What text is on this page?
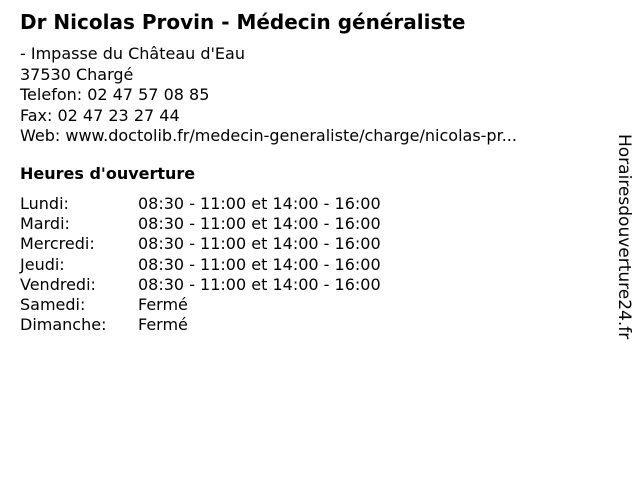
Dr Nicolas Provin - Médecin généraliste
- Impasse du Château d'Eau
37530 Chargé
Telefon: 02 47 57 08 85
Fax: 02 47 23 27 44
Web: www.doctolib.fr/medecin-generaliste/charge/nicolas-pr...
Heures d'ouverture
Lundi:	08:30 - 11:00 et 14:00 - 16:00
Mardi:	08:30 - 11:00 et 14:00 - 16:00
Mercredi:	08:30 - 11:00 et 14:00 - 16:00
Jeudi:	08:30 - 11:00 et 14:00 - 16:00
Vendredi:	08:30 - 11:00 et 14:00 - 16:00
Samedi:	Fermé
Dimanche:	Fermé	Horairesdouverture24.fr
